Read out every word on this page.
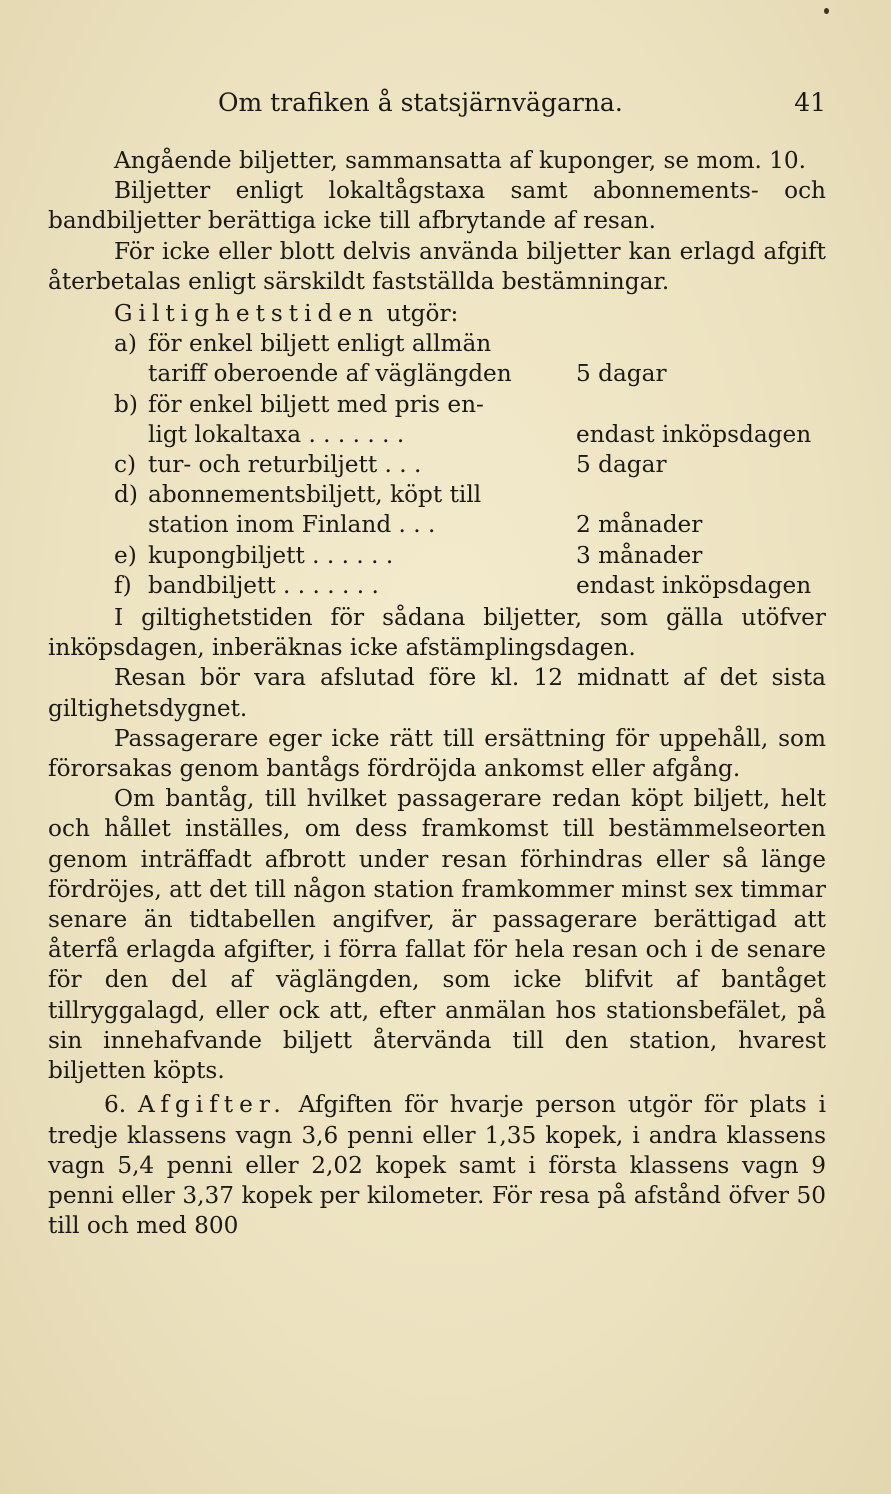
Om trafiken å statsjärnvägarna.	41

Angående biljetter, sammansatta af kuponger, se mom. 10.

Biljetter enligt lokaltågstaxa samt abonnements- och bandbiljetter berättiga icke till afbrytande af resan.

För icke eller blott delvis använda biljetter kan erlagd afgift återbetalas enligt särskildt fastställda bestämningar.

Giltighetstiden utgör:

a) för enkel biljett enligt allmän
tariff oberoende af väglängden	5 dagar
b) för enkel biljett med pris en-
ligt lokaltaxa . . . . . . .	endast inköpsdagen
c) tur- och returbiljett . . .	5 dagar
d) abonnementsbiljett, köpt till
station inom Finland . . .	2 månader
e) kupongbiljett . . . . . .	3 månader
f) bandbiljett . . . . . . .	endast inköpsdagen

I giltighetstiden för sådana biljetter, som gälla utöfver inköpsdagen, inberäknas icke afstämplingsdagen.

Resan bör vara afslutad före kl. 12 midnatt af det sista giltighetsdygnet.

Passagerare eger icke rätt till ersättning för uppehåll, som förorsakas genom bantågs fördröjda ankomst eller afgång.

Om bantåg, till hvilket passagerare redan köpt biljett, helt och hållet inställes, om dess framkomst till bestämmelseorten genom inträffadt afbrott under resan förhindras eller så länge fördröjes, att det till någon station framkommer minst sex timmar senare än tidtabellen angifver, är passagerare berättigad att återfå erlagda afgifter, i förra fallat för hela resan och i de senare för den del af väglängden, som icke blifvit af bantåget tillryggalagd, eller ock att, efter anmälan hos stationsbefälet, på sin innehafvande biljett återvända till den station, hvarest biljetten köpts.

6. Afgifter. Afgiften för hvarje person utgör för plats i tredje klassens vagn 3,6 penni eller 1,35 kopek, i andra klassens vagn 5,4 penni eller 2,02 kopek samt i första klassens vagn 9 penni eller 3,37 kopek per kilometer. För resa på afstånd öfver 50 till och med 800
